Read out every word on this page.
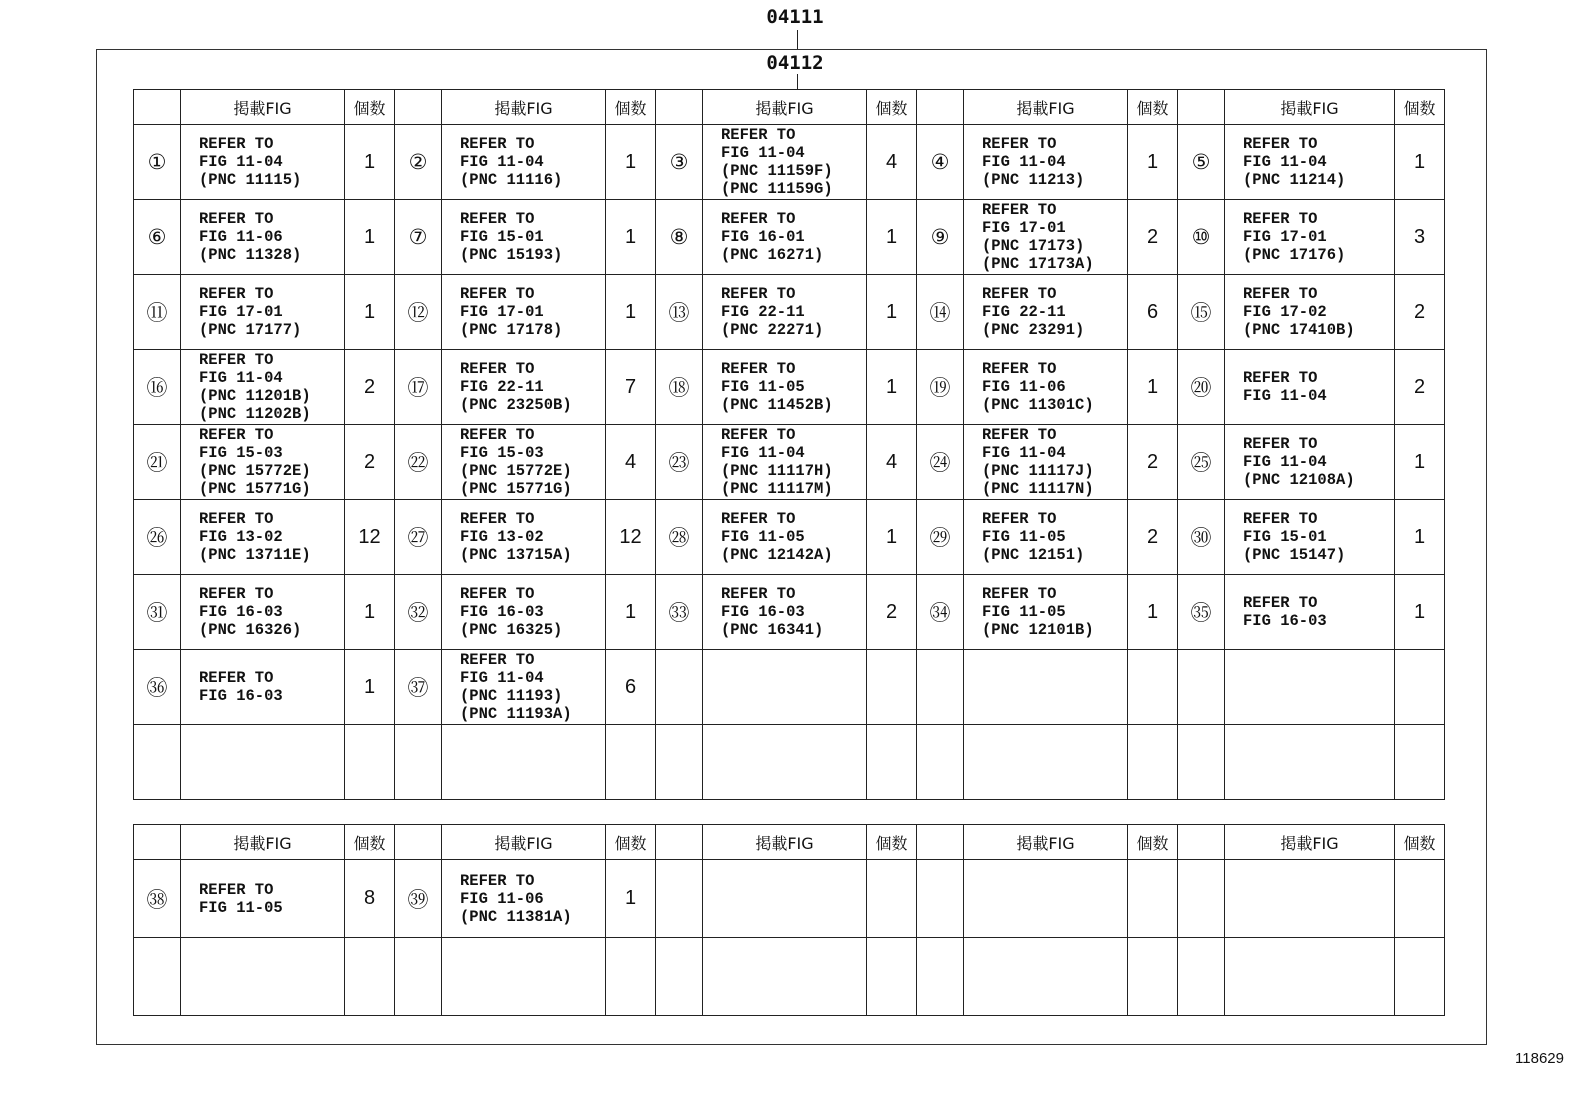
04111
04112
	掲載FIG	個数		掲載FIG	個数		掲載FIG	個数		掲載FIG	個数		掲載FIG	個数
①	REFER TO
FIG 11-04
(PNC 11115)	1	②	REFER TO
FIG 11-04
(PNC 11116)	1	③	REFER TO
FIG 11-04
(PNC 11159F)
(PNC 11159G)	4	④	REFER TO
FIG 11-04
(PNC 11213)	1	⑤	REFER TO
FIG 11-04
(PNC 11214)	1
⑥	REFER TO
FIG 11-06
(PNC 11328)	1	⑦	REFER TO
FIG 15-01
(PNC 15193)	1	⑧	REFER TO
FIG 16-01
(PNC 16271)	1	⑨	REFER TO
FIG 17-01
(PNC 17173)
(PNC 17173A)	2	⑩	REFER TO
FIG 17-01
(PNC 17176)	3
⑪	REFER TO
FIG 17-01
(PNC 17177)	1	⑫	REFER TO
FIG 17-01
(PNC 17178)	1	⑬	REFER TO
FIG 22-11
(PNC 22271)	1	⑭	REFER TO
FIG 22-11
(PNC 23291)	6	⑮	REFER TO
FIG 17-02
(PNC 17410B)	2
⑯	REFER TO
FIG 11-04
(PNC 11201B)
(PNC 11202B)	2	⑰	REFER TO
FIG 22-11
(PNC 23250B)	7	⑱	REFER TO
FIG 11-05
(PNC 11452B)	1	⑲	REFER TO
FIG 11-06
(PNC 11301C)	1	⑳	REFER TO
FIG 11-04	2
㉑	REFER TO
FIG 15-03
(PNC 15772E)
(PNC 15771G)	2	㉒	REFER TO
FIG 15-03
(PNC 15772E)
(PNC 15771G)	4	㉓	REFER TO
FIG 11-04
(PNC 11117H)
(PNC 11117M)	4	㉔	REFER TO
FIG 11-04
(PNC 11117J)
(PNC 11117N)	2	㉕	REFER TO
FIG 11-04
(PNC 12108A)	1
㉖	REFER TO
FIG 13-02
(PNC 13711E)	12	㉗	REFER TO
FIG 13-02
(PNC 13715A)	12	㉘	REFER TO
FIG 11-05
(PNC 12142A)	1	㉙	REFER TO
FIG 11-05
(PNC 12151)	2	㉚	REFER TO
FIG 15-01
(PNC 15147)	1
㉛	REFER TO
FIG 16-03
(PNC 16326)	1	㉜	REFER TO
FIG 16-03
(PNC 16325)	1	㉝	REFER TO
FIG 16-03
(PNC 16341)	2	㉞	REFER TO
FIG 11-05
(PNC 12101B)	1	㉟	REFER TO
FIG 16-03	1
㊱	REFER TO
FIG 16-03	1	㊲	REFER TO
FIG 11-04
(PNC 11193)
(PNC 11193A)	6									

	掲載FIG	個数		掲載FIG	個数		掲載FIG	個数		掲載FIG	個数		掲載FIG	個数
㊳	REFER TO
FIG 11-05	8	㊴	REFER TO
FIG 11-06
(PNC 11381A)	1									

118629
